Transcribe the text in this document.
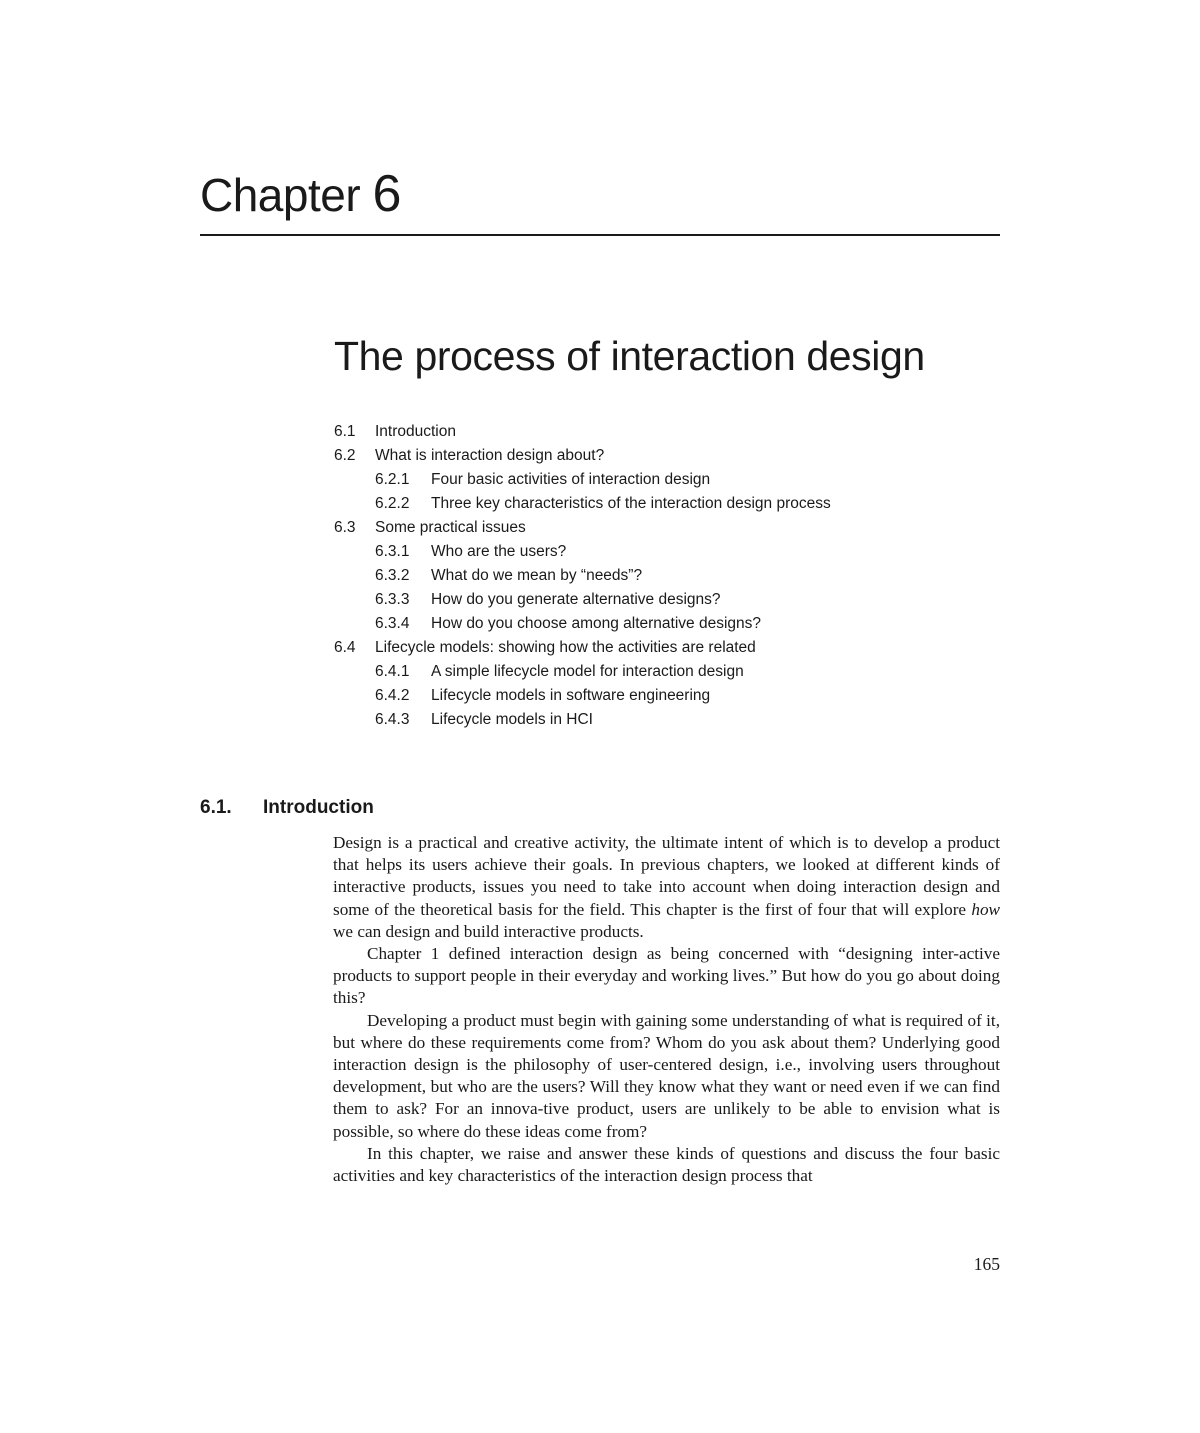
Chapter 6
The process of interaction design
6.1 Introduction
6.2 What is interaction design about?
6.2.1 Four basic activities of interaction design
6.2.2 Three key characteristics of the interaction design process
6.3 Some practical issues
6.3.1 Who are the users?
6.3.2 What do we mean by “needs”?
6.3.3 How do you generate alternative designs?
6.3.4 How do you choose among alternative designs?
6.4 Lifecycle models: showing how the activities are related
6.4.1 A simple lifecycle model for interaction design
6.4.2 Lifecycle models in software engineering
6.4.3 Lifecycle models in HCI
6.1. Introduction

Design is a practical and creative activity, the ultimate intent of which is to develop a product that helps its users achieve their goals. In previous chapters, we looked at different kinds of interactive products, issues you need to take into account when doing interaction design and some of the theoretical basis for the field. This chapter is the first of four that will explore how we can design and build interactive products.

Chapter 1 defined interaction design as being concerned with “designing inter-active products to support people in their everyday and working lives.” But how do you go about doing this?

Developing a product must begin with gaining some understanding of what is required of it, but where do these requirements come from? Whom do you ask about them? Underlying good interaction design is the philosophy of user-centered design, i.e., involving users throughout development, but who are the users? Will they know what they want or need even if we can find them to ask? For an innova-tive product, users are unlikely to be able to envision what is possible, so where do these ideas come from?

In this chapter, we raise and answer these kinds of questions and discuss the four basic activities and key characteristics of the interaction design process that

165
